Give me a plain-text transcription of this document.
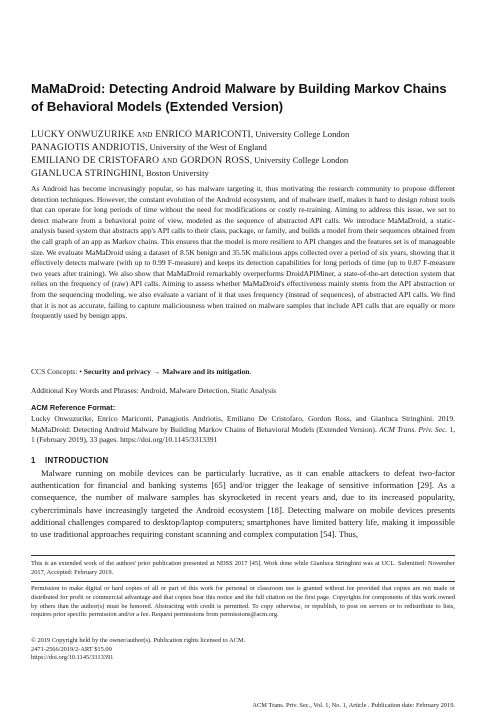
MaMaDroid: Detecting Android Malware by Building Markov Chains of Behavioral Models (Extended Version)
LUCKY ONWUZURIKE and ENRICO MARICONTI, University College London
PANAGIOTIS ANDRIOTIS, University of the West of England
EMILIANO DE CRISTOFARO and GORDON ROSS, University College London
GIANLUCA STRINGHINI, Boston University
As Android has become increasingly popular, so has malware targeting it, thus motivating the research community to propose different detection techniques. However, the constant evolution of the Android ecosystem, and of malware itself, makes it hard to design robust tools that can operate for long periods of time without the need for modifications or costly re-training. Aiming to address this issue, we set to detect malware from a behavioral point of view, modeled as the sequence of abstracted API calls. We introduce MaMaDroid, a static-analysis based system that abstracts app's API calls to their class, package, or family, and builds a model from their sequences obtained from the call graph of an app as Markov chains. This ensures that the model is more resilient to API changes and the features set is of manageable size. We evaluate MaMaDroid using a dataset of 8.5K benign and 35.5K malicious apps collected over a period of six years, showing that it effectively detects malware (with up to 0.99 F-measure) and keeps its detection capabilities for long periods of time (up to 0.87 F-measure two years after training). We also show that MaMaDroid remarkably overperforms DroidAPIMiner, a state-of-the-art detection system that relies on the frequency of (raw) API calls. Aiming to assess whether MaMaDroid's effectiveness mainly stems from the API abstraction or from the sequencing modeling, we also evaluate a variant of it that uses frequency (instead of sequences), of abstracted API calls. We find that it is not as accurate, failing to capture maliciousness when trained on malware samples that include API calls that are equally or more frequently used by benign apps.
CCS Concepts: • Security and privacy → Malware and its mitigation.
Additional Key Words and Phrases: Android, Malware Detection, Static Analysis
ACM Reference Format:
Lucky Onwuzurike, Enrico Mariconti, Panagiotis Andriotis, Emiliano De Cristofaro, Gordon Ross, and Gianluca Stringhini. 2019. MaMaDroid: Detecting Android Malware by Building Markov Chains of Behavioral Models (Extended Version). ACM Trans. Priv. Sec. 1, 1 (February 2019), 33 pages. https://doi.org/10.1145/3313391
1 INTRODUCTION
Malware running on mobile devices can be particularly lucrative, as it can enable attackers to defeat two-factor authentication for financial and banking systems [65] and/or trigger the leakage of sensitive information [29]. As a consequence, the number of malware samples has skyrocketed in recent years and, due to its increased popularity, cybercriminals have increasingly targeted the Android ecosystem [18]. Detecting malware on mobile devices presents additional challenges compared to desktop/laptop computers; smartphones have limited battery life, making it impossible to use traditional approaches requiring constant scanning and complex computation [54]. Thus,
This is an extended work of the authors' prior publication presented at NDSS 2017 [45]. Work done while Gianluca Stringhini was at UCL. Submitted: November 2017, Accepted: February 2019.
Permission to make digital or hard copies of all or part of this work for personal or classroom use is granted without fee provided that copies are not made or distributed for profit or commercial advantage and that copies bear this notice and the full citation on the first page. Copyrights for components of this work owned by others than the author(s) must be honored. Abstracting with credit is permitted. To copy otherwise, or republish, to post on servers or to redistribute to lists, requires prior specific permission and/or a fee. Request permissions from permissions@acm.org.
© 2019 Copyright held by the owner/author(s). Publication rights licensed to ACM.
2471-2566/2019/2-ART $15.00
https://doi.org/10.1145/3313391
ACM Trans. Priv. Sec., Vol. 1, No. 1, Article . Publication date: February 2019.
